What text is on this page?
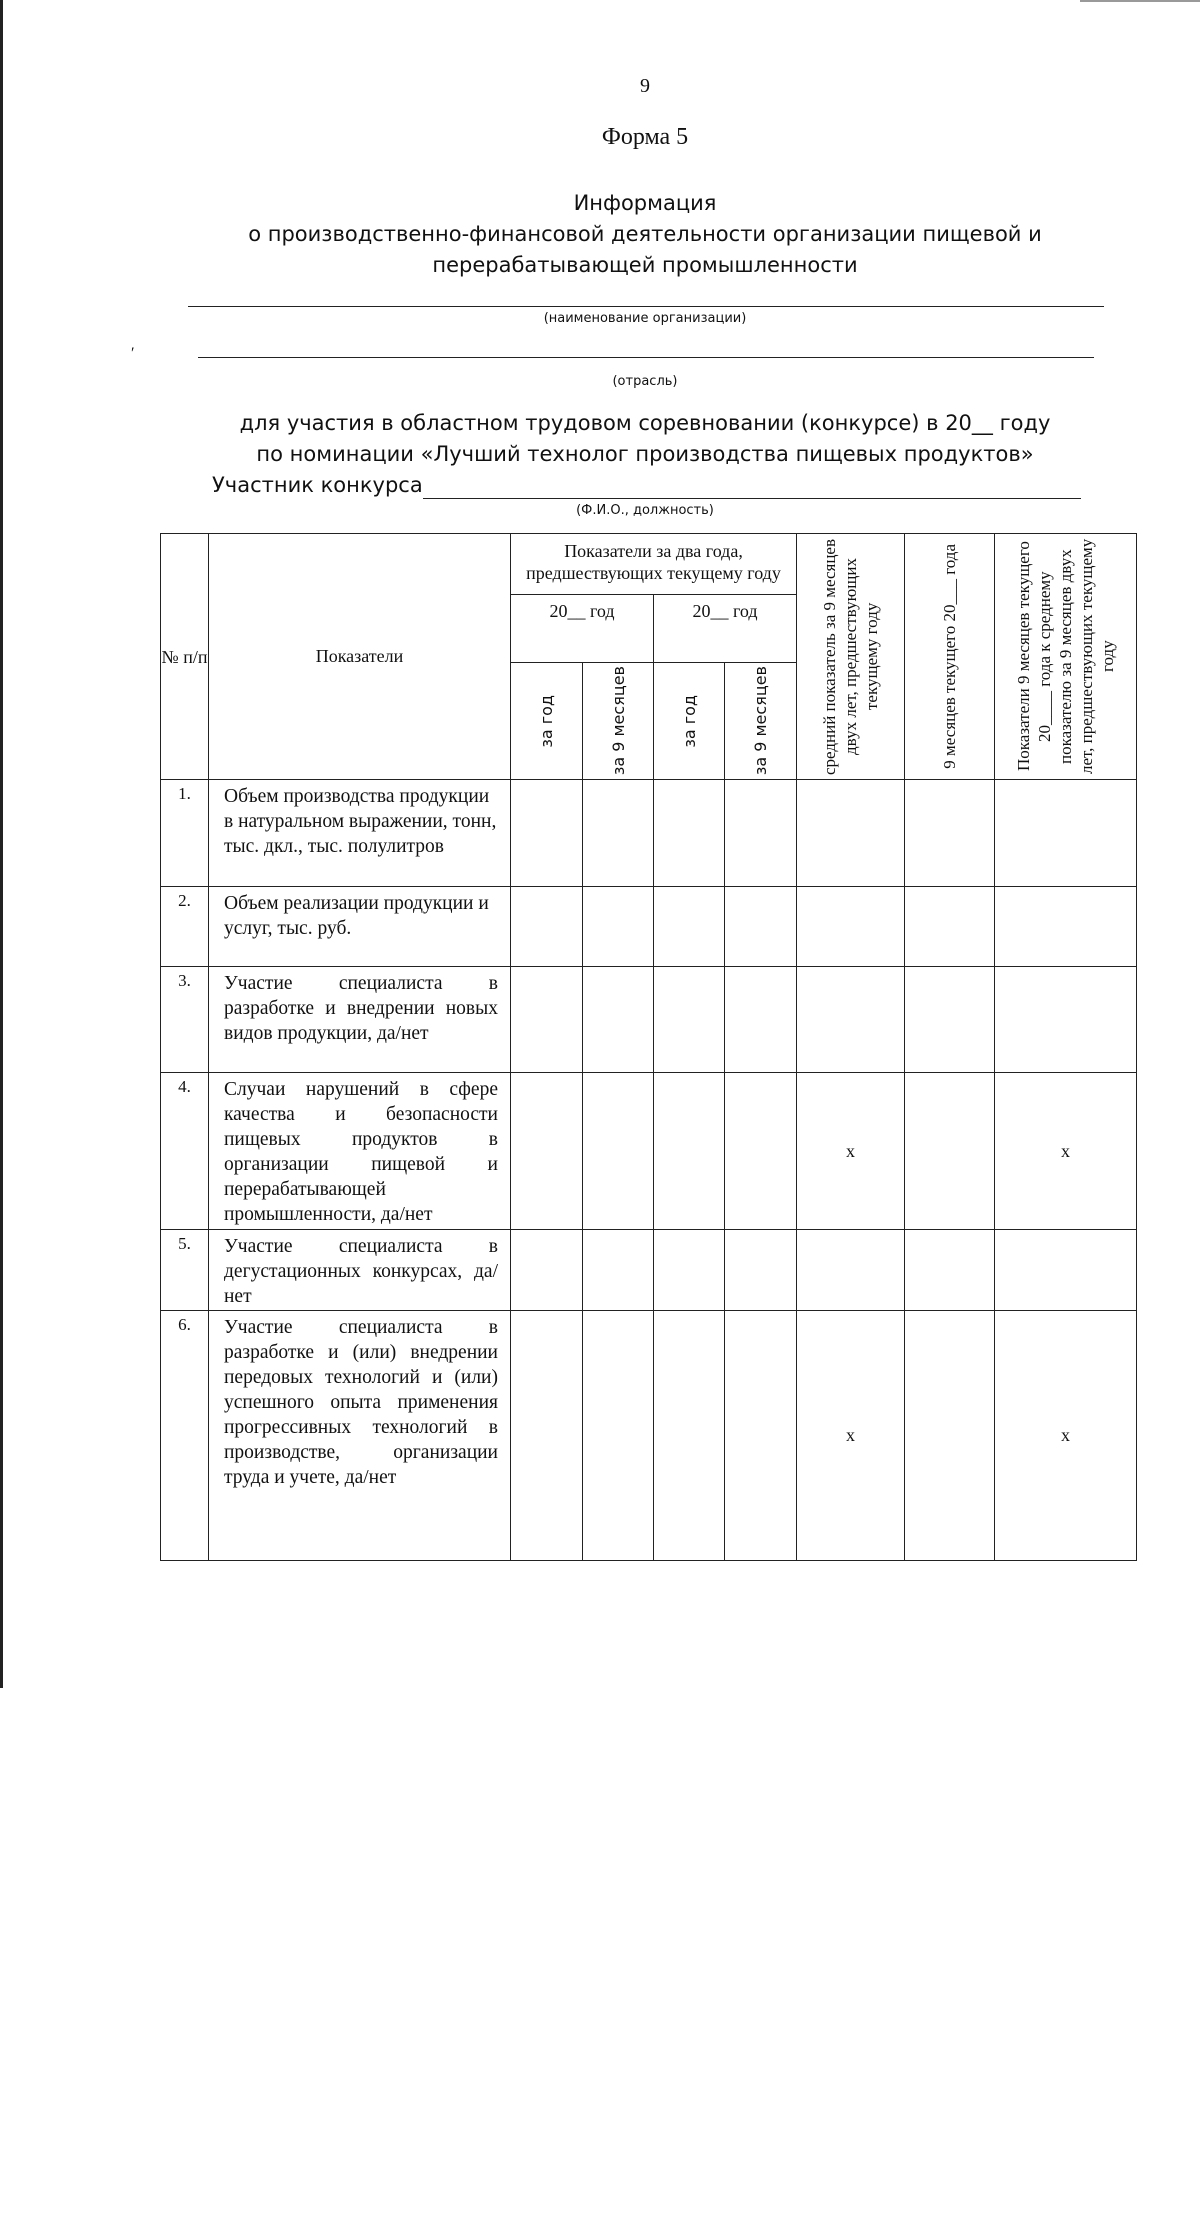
′
9
Форма 5
Информация
о производственно-финансовой деятельности организации пищевой и
перерабатывающей промышленности
(наименование организации)
(отрасль)
для участия в областном трудовом соревновании (конкурсе) в 20__ году
по номинации «Лучший технолог производства пищевых продуктов»
Участник конкурса
(Ф.И.О., должность)
№ п/п	Показатели	Показатели за два года, предшествующих текущему году				средний показатель за 9 месяцев двух лет, предшествующих текущему году	9 месяцев текущего 20___ года	Показатели 9 месяцев текущего 20____ года к среднему показателю за 9 месяцев двух лет, предшествующих текущему году

		20__ год		20__ год				

		за год	за 9 месяцев	за год	за 9 месяцев			

1.	Объем производства продукции в натуральном выражении, тонн, тыс. дкл., тыс. полулитров							
2.	Объем реализации продукции и услуг, тыс. руб.							
3.	Участие специалиста в разработке и внедрении новых видов продукции, да/нет							
4.	Случаи нарушений в сфере качества и безопасности пищевых продуктов в организации пищевой и перерабатывающей промышленности, да/нет					х		х
5.	Участие специалиста в дегустационных конкурсах, да/нет							
6.	Участие специалиста в разработке и (или) внедрении передовых технологий и (или) успешного опыта применения прогрессивных технологий в производстве, организации труда и учете, да/нет					х		х
